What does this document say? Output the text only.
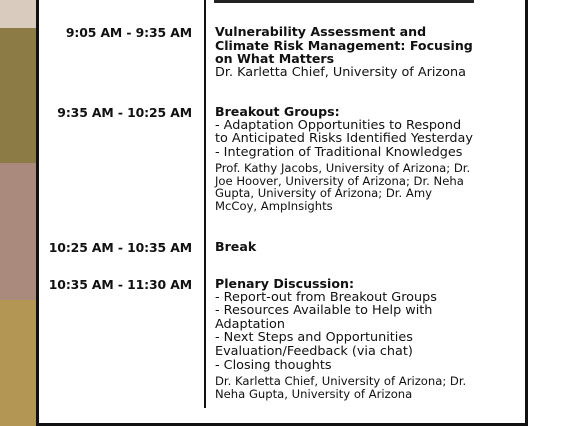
9:05 AM - 9:35 AM Vulnerability Assessment and

Climate Risk Management: Focusing

on What Matters

Dr. Karletta Chief, University of Arizona

9:35 AM - 10:25 AM Breakout Groups:

- Adaptation Opportunities to Respond

to Anticipated Risks Identified Yesterday

- Integration of Traditional Knowledges

Prof. Kathy Jacobs, University of Arizona; Dr.
Joe Hoover, University of Arizona; Dr. Neha
Gupta, University of Arizona; Dr. Amy
McCoy, AmpInsights
10:25 AM - 10:35 AM Break

10:35 AM - 11:30 AM Plenary Discussion:

- Report-out from Breakout Groups

- Resources Available to Help with

Adaptation

- Next Steps and Opportunities

Evaluation/Feedback (via chat)

- Closing thoughts

Dr. Karletta Chief, University of Arizona; Dr.
Neha Gupta, University of Arizona
